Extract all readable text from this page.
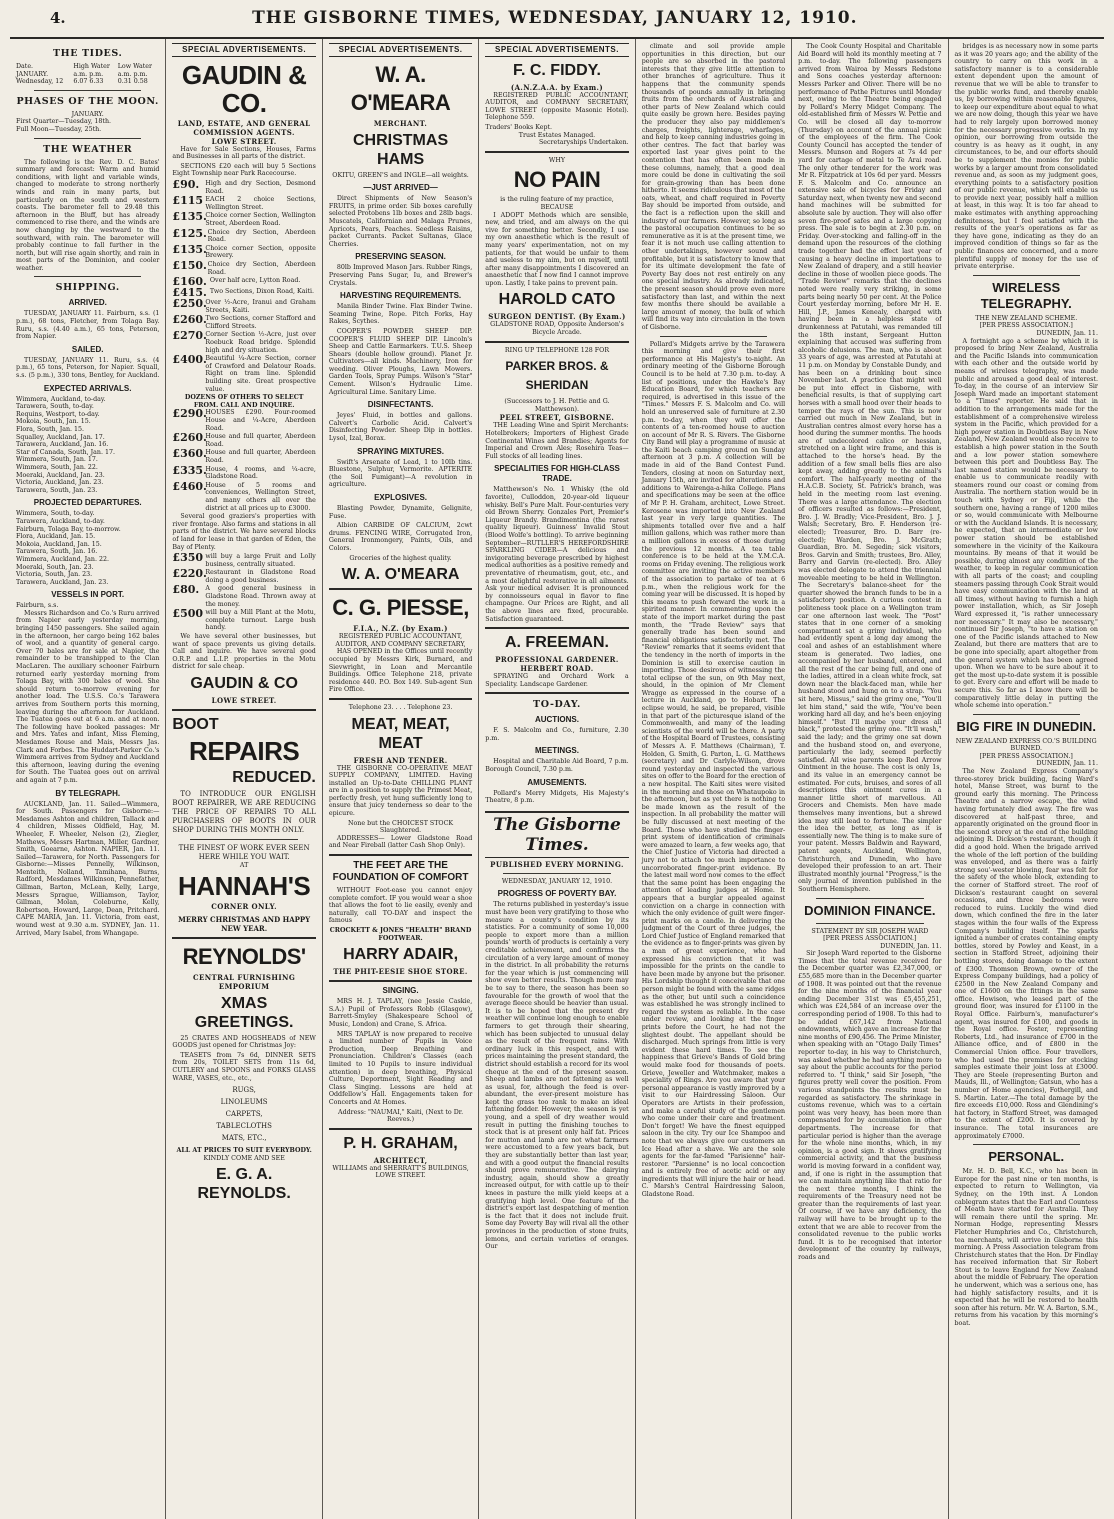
4.	THE GISBORNE TIMES, WEDNESDAY, JANUARY 12, 1910.
THE TIDES.
Date.	High Water	Low Water
JANUARY.	a.m. p.m.	a.m. p.m.
Wednesday, 12	6.07 6.33	0.31 0.58
PHASES OF THE MOON.

JANUARY.

First Quarter—Tuesday, 18th.

Full Moon—Tuesday, 25th.

THE WEATHER

The following is the Rev. D. C. Bates' summary and forecast: Warm and humid conditions, with light and variable winds, changed to moderate to strong northerly winds and rain in many parts, but particularly on the south and western coasts. The barometer fell to 29.48 this afternoon in the Bluff, but has already commenced to rise there, and the winds are now changing by the westward to the southward, with rain. The barometer will probably continue to fall further in the north, but will rise again shortly, and rain in most parts of the Dominion, and cooler weather.

SHIPPING.
ARRIVED.

TUESDAY, JANUARY 11. Fairburn, s.s. (1 p.m.), 68 tons, Fletcher, from Tolaga Bay. Ruru, s.s. (4.40 a.m.), 65 tons, Peterson, from Napier.

SAILED.

TUESDAY, JANUARY 11. Ruru, s.s. (4 p.m.), 65 tons, Peterson, for Napier. Squall, s.s. (5 p.m.), 330 tons, Bentley, for Auckland.

EXPECTED ARRIVALS.

Wimmera, Auckland, to-day.

Tarawera, South, to-day.

Requins, Westport, to-day.

Mokoia, South, Jan. 15.

Flora, South, Jan. 15.

Squalley, Auckland, Jan. 17.

Tarawera, Auckland, Jan. 16.

Star of Canada, South, Jan. 17.

Wimmera, South, Jan. 17.

Wimmera, South, Jan. 22.

Moeraki, Auckland, Jan. 23.

Victoria, Auckland, Jan. 23.

Tarawera, South, Jan. 23.

PROJECTED DEPARTURES.

Wimmera, South, to-day.

Tarawera, Auckland, to-day.

Fairburn, Tolaga Bay, to-morrow.

Flora, Auckland, Jan. 15.

Mokoia, Auckland, Jan. 15.

Tarawera, South, Jan. 16.

Wimmera, Auckland, Jan. 22.

Moeraki, South, Jan. 23.

Victoria, South, Jan. 23.

Tarawera, Auckland, Jan. 23.

VESSELS IN PORT.

Fairburn, s.s.

Messrs Richardson and Co.'s Ruru arrived from Napier early yesterday morning, bringing 1450 passengers. She sailed again in the afternoon, her cargo being 162 bales of wool, and a quantity of general cargo. Over 70 bales are for sale at Napier, the remainder to be transhipped to the Clan MacLaren. The auxiliary schooner Fairburn returned early yesterday morning from Tolaga Bay, with 300 bales of wool. She should return to-morrow evening for another load. The U.S.S. Co.'s Tarawera arrives from Southern ports this morning, leaving during the afternoon for Auckland. The Tuatea goes out at 6 a.m. and at noon. The following have booked passages: Mr and Mrs. Yates and infant, Miss Fleming, Mesdames Rouse and Mais, Messrs Jas. Clark and Forbes. The Huddart-Parker Co.'s Wimmera arrives from Sydney and Auckland this afternoon, leaving during the evening for South. The Tuatea goes out on arrival and again at 7 p.m.

BY TELEGRAPH.

AUCKLAND, Jan. 11. Sailed—Wimmera, for South. Passengers for Gisborne:—Mesdames Ashton and children, Tallack and 4 children, Misses Oldfield, Hay, M. Wheeler, F. Wheeler, Nelson (2), Ziegler, Mathews, Messrs Hartman, Miller, Gardner, Smith, Goearne, Ashton. NAPIER, Jan. 11. Sailed—Tarawera, for North. Passengers for Gisborne:—Misses Pennelly, Wilkinson, Menteith, Nolland, Tamihana, Burns, Radford, Mesdames Wilkinson, Pennefather, Gillman, Barton, McLean, Kelly, Large, Messrs Sprague, Williamson, Taylor, Gillman, Molan, Coleburne, Kelly, Robertson, Howard, Large, Dean, Pritchard. CAPE MARIA, Jan. 11. Victoria, from east, wound west at 9.30 a.m. SYDNEY, Jan. 11. Arrived, Mary Isabel, from Whangape.

SPECIAL ADVERTISEMENTS.
GAUDIN & CO.
LAND, ESTATE, AND GENERAL COMMISSION AGENTS.
LOWE STREET.

Have for Sale Sections, Houses, Farms and Businesses in all parts of the district.

SECTIONS £20 each will buy 5 Sections Eight Township near Park Racecourse.

£90. High and dry Section, Desmond Road.
£115 EACH 2 choice Sections, Wellington Street.
£135.
Choice corner Section, Wellington Street, Aberdeen Road.
£125. Choice dry Section, Aberdeen Road.
£135.
Choice corner Section, opposite Brewery.
£150. Choice dry Section, Aberdeen Road.
£160. Over half acre, Lytton Road.
£415. Two Sections, Dixon Road, Kaiti.
£250.
Over ½-Acre, Iranui and Graham Streets, Kaiti.
£260.
Two Sections, corner Stafford and Clifford Streets.
£270.
Corner Section ½-Acre, just over Roebuck Road bridge. Splendid high and dry situation.
£400.
Beautiful ¼-Acre Section, corner of Crawford and Delatour Roads. Right on tram line. Splendid building site. Great prospective value.

DOZENS OF OTHERS TO SELECT FROM. CALL AND INQUIRE.

£290.
HOUSES £290. Four-roomed House and ¼-Acre, Aberdeen Road.
£260.
House and full quarter, Aberdeen Road.
£360.
House and full quarter, Aberdeen Road.
£335.
House, 4 rooms, and ¼-acre, Gladstone Road.
£460.
House of 5 rooms and conveniences, Wellington Street, and many others all over the district at all prices up to £3000.

Several good graziers's properties with river frontage. Also farms and stations in all parts of the district. We have several blocks of land for lease in that garden of Eden, the Bay of Plenty.

£350 will buy a large Fruit and Lolly business, centrally situated.
£220.
Restaurant in Gladstone Road doing a good business.
£80. A good general business in Gladstone Road. Thrown away at the money.
£500 will buy a Mill Plant at the Motu, complete turnout. Large bush handy.

We have several other businesses, but want of space prevents us giving details. Call and inquire. We have several good O.R.P. and L.I.P. properties in the Motu district for sale cheap.

GAUDIN & CO
LOWE STREET.
BOOT
REPAIRS
REDUCED.

TO INTRODUCE OUR ENGLISH BOOT REPAIRER, WE ARE REDUCING THE PRICE OF REPAIRS TO ALL PURCHASERS OF BOOTS IN OUR SHOP DURING THIS MONTH ONLY.

THE FINEST OF WORK EVER SEEN HERE WHILE YOU WAIT.

AT

HANNAH'S
CORNER ONLY.

MERRY CHRISTMAS AND HAPPY NEW YEAR.

REYNOLDS'
CENTRAL FURNISHING EMPORIUM
XMAS GREETINGS.

25 CRATES AND HOGSHEADS of NEW GOODS just opened for Christmas Joy:

TEASETS from 7s 6d, DINNER SETS from 20s, TOILET SETS from 11s 6d, CUTLERY and SPOONS and FORKS GLASS WARE, VASES, etc., etc.,

RUGS,

LINOLEUMS

CARPETS,

TABLECLOTHS

MATS, ETC.,

ALL AT PRICES TO SUIT EVERYBODY.

KINDLY COME AND SEE

E. G. A. REYNOLDS.
SPECIAL ADVERTISEMENTS.
W. A. O'MEARA
MERCHANT.
CHRISTMAS HAMS

OKITU, GREEN'S and INGLE—all weights.

—JUST ARRIVED—

Direct Shipments of New Season's FRUITS, in prime order. Sib boxes carefully selected Protobens 1lb boxes and 28lb bags. Muscatels, Californian and Malaga Prunes, Apricots, Pears, Peaches. Seedless Raisins, packet Currants. Packet Sultanas, Glace Cherries.

PRESERVING SEASON.

80lb Improved Mason Jars. Rubber Rings, Preserving Pans Sugar, Iu, and Brewer's Crystals.

HARVESTING REQUIREMENTS.

Manila Binder Twine. Flax Binder Twine. Seaming Twine, Rope. Pitch Forks, Hay Rakes, Scythes.

COOPER'S POWDER SHEEP DIP. COOPER'S FLUID SHEEP DIP. Lincoln's Sheep and Cattle Earmarkers. T.U.S. Sheep Shears (double hollow ground). Planet Jr. Cultivators—all kinds. Machinery, Iron for weeding. Oliver Ploughs, Lawn Mowers. Garden Tools, Spray Pumps. Wilson's "Star" Cement. Wilson's Hydraulic Lime. Agricultural Lime. Sanitary Lime.

DISINFECTANTS.

Jeyes' Fluid, in bottles and gallons. Calvert's Carbolic Acid. Calvert's Disinfecting Powder. Sheep Dip in bottles. Lysol, Izal, Borax.

SPRAYING MIXTURES.

Swift's Arsenate of Lead, 1 to 10lb tins. Bluestone, Sulphur, Vermorite. APTERITE (the Soil Fumigant)—A revolution in agriculture.

EXPLOSIVES.

Blasting Powder, Dynamite, Gelignite, Fuse.

Albion CARBIDE OF CALCIUM, 2cwt drums. FENCING WIRE, Corrugated Iron, General Ironmongery, Paints, Oils, and Colors.

Groceries of the highest quality.

W. A. O'MEARA
C. G. PIESSE,
F.I.A., N.Z. (by Exam.)

REGISTERED PUBLIC ACCOUNTANT, AUDITOR, AND COMPANY SECRETARY,

HAS OPENED in the Offices until recently occupied by Messrs Kirk, Burnard, and Sievwright, in Loan and Mercantile Buildings. Office Telephone 218, private residence 440. P.O. Box 149. Sub-agent Sun Fire Office.

Telephone 23. . . . Telephone 23.

MEAT, MEAT, MEAT
FRESH AND TENDER.

THE GISBORNE CO-OPERATIVE MEAT SUPPLY COMPANY, LIMITED. Having installed an Up-to-Date CHILLING PLANT are in a position to supply the Primest Meat, perfectly fresh, yet hung sufficiently long to ensure that juicy tenderness so dear to the epicure.

None but the CHOICEST STOCK Slaughtered.

ADDRESSES— Lower Gladstone Road and Near Fireball (latter Cash Shop Only).

THE FEET ARE THE FOUNDATION OF COMFORT

WITHOUT Foot-ease you cannot enjoy complete comfort. IF you would wear a shoe that allows the foot to lie easily, evenly and naturally, call TO-DAY and inspect the famous

CROCKETT & JONES "HEALTH" BRAND FOOTWEAR.

HARRY ADAIR,
THE PHIT-EESIE SHOE STORE.
SINGING.

MRS H. J. TAPLAY, (nee Jessie Caskie, S.A.) Pupil of Professors Robb (Glasgow), Barrett-Smyley (Shakespeare School of Music, London) and Crane, S. Africa.

MRS TAPLAY is now prepared to receive a limited number of Pupils in Voice Production, Deep Breathing and Pronunciation. Children's Classes (each limited to 10 Pupils to insure individual attention) in deep breathing, Physical Culture, Deportment, Sight Reading and Class Singing. Lessons are held at Oddfellow's Hall. Engagements taken for Concerts and At Homes.

Address: "NAUMAI," Kaiti, (Next to Dr. Reeves.)

P. H. GRAHAM,
ARCHITECT,

WILLIAMS and SHERRATT'S BUILDINGS,

LOWE STREET.

SPECIAL ADVERTISEMENTS.
F. C. FIDDY.
(A.N.Z.A.A. by Exam.)

REGISTERED PUBLIC ACCOUNTANT, AUDITOR, and COMPANY SECRETARY, LOWE STREET (opposite Masonic Hotel). Telephone 559.

Traders' Books Kept.

Trust Estates Managed.

Secretaryships Undertaken.

WHY

NO PAIN

is the ruling feature of my practice, BECAUSE

I ADOPT Methods which are sensible, new, and tried, and am always on the qui vive for something better. Secondly, I use my own anaesthetic which is the result of many years' experimentation, not on my patients, for that would be unfair to them and useless to my aim, but on myself, until after many disappointments I discovered an anaesthetic that I now find I cannot improve upon. Lastly, I take pains to prevent pain.

HAROLD CATO
SURGEON DENTIST. (By Exam.)

GLADSTONE ROAD, Opposite Anderson's Bicycle Arcade.

RING UP TELEPHONE 128 FOR

PARKER BROS. & SHERIDAN

(Successors to J. H. Pettie and G. Matthewson).

PEEL STREET, GISBORNE.

THE Leading Wine and Spirit Merchants: Hotelbrokers; Importers of Highest Grade Continental Wines and Brandies; Agents for Imperial and Crown Ales; Rosehira Teas—Full stocks of all leading lines.

SPECIALITIES FOR HIGH-CLASS TRADE.

Matthewson's No. 1 Whisky (the old favorite), Culloddon, 20-year-old liqueur whisky. Bell's Pure Malt. Four-centuries very old Brown Sherry. Gonzales Port, Premier's Liqueur Brandy. Brandimentina (the rarest quality liqueur). Guinness' Invalid Stout (Blood Wolfe's bottling). To arrive beginning September—RUTLLER'S HEREFORDSHIRE SPARKLING CIDER—A delicious and invigorating beverage prescribed by highest medical authorities as a positive remedy and preventative of rheumatism, gout, etc., and a most delightful restorative in all ailments. Ask your medical adviser. It is pronounced by connoisseurs equal in flavor to fine champagne. Our Prices are Right, and all the above lines are fixed, procurable. Satisfaction guaranteed.

A. FREEMAN.
PROFESSIONAL GARDENER. HERBERT ROAD.

SPRAYING and Orchard Work a Speciality. Landscape Gardener.

TO-DAY.
AUCTIONS.

F. S. Malcolm and Co., furniture, 2.30 p.m.

MEETINGS.

Hospital and Charitable Aid Board, 7 p.m. Borough Council, 7.30 p.m.

AMUSEMENTS.

Pollard's Merry Midgets, His Majesty's Theatre, 8 p.m.

The Gisborne Times.
PUBLISHED EVERY MORNING.

WEDNESDAY, JANUARY 12, 1910.

PROGRESS OF POVERTY BAY.

The returns published in yesterday's issue must have been very gratifying to those who measure a country's condition by its statistics. For a community of some 10,000 people to export more than a million pounds' worth of products is certainly a very creditable achievement, and confirms the circulation of a very large amount of money in the district. In all probability the returns for the year which is just commencing will show even better results. Though more may be to say to there, the season has been so favourable for the growth of wool that the average fleece should be heavier than usual. It is to be hoped that the present dry weather will continue long enough to enable farmers to get through their shearing, which has been subjected to unusual delay as the result of the frequent rains. With ordinary luck in this respect, and with prices maintaining the present standard, the district should establish a record for its wool cheque at the end of the present season. Sheep and lambs are not fattening as well as usual, for, although the feed is over-abundant, the ever-present moisture has kept the grass too rank to make an ideal fattening fodder. However, the season is yet young, and a spell of dry weather would result in putting the finishing touches to stock that is at present only half fat. Prices for mutton and lamb are not what farmers were accustomed to a few years back, but they are substantially better than last year, and with a good output the financial results should prove remunerative. The dairying industry, again, should show a greatly increased output, for with cattle up to their knees in pasture the milk yield keeps at a gratifying high level. One feature of the district's export last despatching of mention is the fact that it does not include fruit. Some day Poverty Bay will rival all the other provinces in the production of stone fruits, lemons, and certain varieties of oranges. Our

climate and soil provide ample opportunities in this direction, but our people are so absorbed in the pastoral interests that they give little attention to other branches of agriculture. Thus it happens that the community spends thousands of pounds annually in bringing fruits from the orchards of Australia and other parts of New Zealand which could quite easily be grown here. Besides paying the producer they also pay middlemen's charges, freights, lighterage, wharfages, and help to keep canning industries going in other centres. The fact that barley was exported last year gives point to the contention that has often been made in these columns, namely, that a good deal more could be done in cultivating the soil for grain-growing than has been done hitherto. It seems ridiculous that most of the oats, wheat, and chaff required in Poverty Bay should be imported from outside, and the fact is a reflection upon the skill and industry of our farmers. However, so long as the pastoral occupation continues to be so remunerative as it is at the present time, we fear it is not much use calling attention to other undertakings, however sound and profitable, but it is satisfactory to know that for its ultimate development the fate of Poverty Bay does not rest entirely on any one special industry. As already indicated, the present season should prove even more satisfactory than last, and within the next few months there should be available a large amount of money, the bulk of which will find its way into circulation in the town of Gisborne.

Pollard's Midgets arrive by the Tarawera this morning and give their first performance at His Majesty's to-night. An ordinary meeting of the Gisborne Borough Council is to be held at 7.30 p.m. to-day. A list of positions, under the Hawke's Bay Education Board, for which teachers are required, is advertised in this issue of the "Times." Messrs F. S. Malcolm and Co. will hold an unreserved sale of furniture at 2.30 p.m. to-day, when they will offer the contents of a ten-roomed house to auction on account of Mr R. S. Rivers. The Gisborne City Band will play a programme of music at the Kaiti beach camping ground on Sunday afternoon at 3 p.m. A collection will be made in aid of the Band Contest Fund. Tenders, closing at noon on Saturday next, January 15th, are invited for alterations and additions to Wairenga-a-hika College. Plans and specifications may be seen at the office of Mr P. H. Graham, architect, Lowe Street. Kerosene was imported into New Zealand last year in very large quantities. The shipments totalled over five and a half million gallons, which was rather more than a million gallons in excess of those during the previous 12 months. A tea table conference is to be held at the Y.M.C.A. rooms on Friday evening. The religious work committee are inviting the active members of the association to partake of tea at 6 p.m., when the religious work for the coming year will be discussed. It is hoped by this means to push forward the work in a spirited manner. In commenting upon the state of the import market during the past month, the "Trade Review" says that generally trade has been sound and financial obligations satisfactorily met. The "Review" remarks that it seems evident that the tendency in the north of imports in the Dominion is still to exercise caution in importing. Those desirous of witnessing the total eclipse of the sun, on 9th May next, should, in the opinion of Mr Clement Wragge as expressed in the course of a lecture in Auckland, go to Hobart. The eclipse would, he said, be prepared, visible in that part of the picturesque island of the Commonwealth, and many of the leading scientists of the world will be there. A party of the Hospital Board of Trustees, consisting of Messrs A. F. Matthews (Chairman), T. Holden, G. Smith, G. Parton, L. G. Matthews (secretary) and Dr Carlyle-Wilson, drove round yesterday and inspected the various sites on offer to the Board for the erection of a new hospital. The Kaiti sites were visited in the morning and those on Whataupoko in the afternoon, but as yet there is nothing to be made known as the result of the inspection. In all probability the matter will be fully discussed at next meeting of the Board. Those who have studied the finger-print system of identification of criminals were amazed to learn, a few weeks ago, that the Chief Justice of Victoria had directed a jury not to attach too much importance to uncorroborated finger-print evidence. By the latest mail word now comes to the effect that the same point has been engaging the attention of leading judges at Home. It appears that a burglar appealed against conviction on a charge in connection with which the only evidence of guilt were finger-print marks on a candle. In delivering the judgment of the Court of three judges, the Lord Chief Justice of England remarked that the evidence as to finger-prints was given by a man of great experience, who had expressed his conviction that it was impossible for the prints on the candle to have been made by anyone but the prisoner. His Lordship thought it conceivable that one person might be found with the same ridges as the other, but until such a coincidence was established he was strongly inclined to regard the system as reliable. In the case under review, and looking at the finger prints before the Court, he had not the slightest doubt. The appellant should be discharged. Much springs from little is very evident these hard times. To see the happiness that Grieve's Bands of Gold bring would make food for thousands of poets. Grieve, Jeweller and Watchmaker, makes a speciality of Rings. Are you aware that your personal appearance is vastly improved by a visit to our Hairdressing Saloon. Our Operators are Artists in their profession, and make a careful study of the gentlemen who come under their care and treatment. Don't forget! We have the finest equipped saloon in the city. Try our Ice Shampoo and note that we always give our customers an Ice Head after a shave. We are the sole agents for the far-famed "Parisienne" hair-restorer. "Parsienne" is no local concoction and is entirely free of acetic acid or any ingredients that will injure the hair or head. C. Marsh's Central Hairdressing Saloon, Gladstone Road.

The Cook County Hospital and Charitable Aid Board will hold its monthly meeting at 7 p.m. to-day. The following passengers arrived from Wairoa by Messrs Redstone and Sons coaches yesterday afternoon: Messrs Parker and Oliver. There will be no performance of Pathe Pictures until Monday next, owing to the Theatre being engaged by Pollard's Merry Midget Company. The old-established firm of Messrs W. Pettie and Co. will be closed all day to-morrow (Thursday) on account of the annual picnic of the employees of the firm. The Cook County Council has accepted the tender of Messrs. Munson and Rogers at 7s 4d per yard for cartage of metal to Te Arai road. The only other tenderer for the work was Mr R. Fitzpatrick at 10s 6d per yard. Messrs F. S. Malcolm and Co. announce an extensive sale of bicycles for Friday and Saturday next, when twenty new and second hand machines will be submitted for absolute sale by auction. They will also offer seven fire-proof safes and a large copying press. The sale is to begin at 2.30 p.m. on Friday. Over-stocking and falling-off in the demand upon the resources of the clothing trade together had the effect last year of causing a heavy decline in importations to New Zealand of drapery, and a still heavier decline in those of woollen piece goods. The "Trade Review" remarks that the declines noted were really very striking, in some parts being nearly 50 per cent. At the Police Court yesterday morning, before Mr H. E. Hill, J.P., James Kenealy, charged with having been in a helpless state of drunkenness at Patutahi, was remanded till the 18th instant, Sergeant Hutton explaining that accused was suffering from alcoholic delusions. The man, who is about 33 years of age, was arrested at Patutahi at 11 p.m. on Monday by Constable Dundy, and has been on a drinking bout since November last. A practice that might well be put into effect in Gisborne, with beneficial results, is that of supplying cart horses with a small hood over their heads to temper the rays of the sun. This is now carried out much in New Zealand, but in Australian centres almost every horse has a hood during the summer months. The hoods are of undecolored calico or hessian, stretched on a light wire frame, and this is attached to the horse's head. By the addition of a few small bells flies are also kept away, adding greatly to the animal's comfort. The half-yearly meeting of the H.A.C.B. Society, St. Patrick's branch, was held in the meeting room last evening. There was a large attendance. The election of officers resulted as follows:—President, Bro. J. W. Bradly; Vice-President, Bro. J. J. Walsh; Secretary, Bro. F. Henderson (re-elected); Treasurer, Bro. D. Barr (re-elected); Warden, Bro. J. McGrath; Guardian, Bro. M. Segedin; sick visitors, Bros. Garvin and Smith; trustees, Bro. Alley, Barry and Garvin (re-elected). Bro. Alley was elected delegate to attend the triennial moveable meeting to be held in Wellington. The Secretary's balance-sheet for the quarter showed the branch funds to be in a satisfactory position. A curious contest in politeness took place on a Wellington tram car one afternoon last week. The "Post" states that in one corner of a smoking compartment sat a grimy individual, who had evidently spent a long day among the coal and ashes of an establishment where steam is generated. Two ladies, one accompanied by her husband, entered, and all the rest of the car being full, and one of the ladies, attired in a clean white frock, sat down near the black-faced man, while her husband stood and hung on to a strap. "You sit here, Missus," said the grimy one, "You'll let him stand," said the wife, "You've been working hard all day, and he's been enjoying himself." "But I'll maybe your dress all black," protested the grimy one. "It'll wash," said the lady; and the grimy one sat down and the husband stood on, and everyone, particularly the lady, seemed perfectly satisfied. All wise parents keep Red Arrow Ointment in the house. The cost is only 1s, and its value in an emergency cannot be estimated. For cuts, bruises, and sores of all descriptions this ointment cures in a manner little short of marvellous. All Grocers and Chemists. Men have made themselves many inventions, but a shrewd idea may still lead to fortune. The simpler the idea the better, as long as it is essentially new. The thing is to make sure of your patent. Messrs Baldwin and Rayward, patent agents, Auckland, Wellington, Christchurch, and Dunedin, who have developed their profession to an art. Their illustrated monthly journal "Progress," is the only journal of invention published in the Southern Hemisphere.

DOMINION FINANCE.

STATEMENT BY SIR JOSEPH WARD

[PER PRESS ASSOCIATION.]

DUNEDIN, Jan. 11.

Sir Joseph Ward reported to the Gisborne Times that the total revenue received for the December quarter was £2,347,000, or £55,685 more than in the December quarter of 1908. It was pointed out that the revenue for the nine months of the financial year ending December 31st was £5,455,251, which was £24,584 of an increase over the corresponding period of 1908. To this had to be added £67,142 from National endowments, which gave an increase for the nine months of £90,456. The Prime Minister, when speaking with an "Otago Daily Times" reporter to-day, in his way to Christchurch, was asked whether he had anything more to say about the public accounts for the period referred to. "I think," said Sir Joseph, "the figures pretty well cover the position. From various standpoints the results must be regarded as satisfactory. The shrinkage in customs revenue, which was to a certain point was very heavy, has been more than compensated for by accumulation in other departments. The increase for that particular period is higher than the average for the whole nine months, which, in my opinion, is a good sign. It shows gratifying commercial activity, and that the business world is moving forward in a confident way, and, if one is right in the assumption that we can maintain anything like that ratio for the next three months, I think the requirements of the Treasury need not be greater than the requirements of last year. Of course, if we have any deficiency, the railway will have to be brought up to the extent that we are able to recover from the consolidated revenue to the public works fund. It is to be recognised that interior development of the country by railways, roads and

bridges is as necessary now in some parts as it was 20 years ago; and the ability of the country to carry on this work in a satisfactory manner is to a considerable extent dependent upon the amount of revenue that we will be able to transfer to the public works fund, and thereby enable us, by borrowing within reasonable figures, to keep our expenditure about equal to what we are now doing, though this year we have had to rely largely upon borrowed money for the necessary progressive works. In my opinion, our borrowing from outside the country is as heavy as it ought, in any circumstances, to be, and our efforts should be to supplement the monies for public works by a larger amount from consolidated revenue and, as soon as my judgment goes, everything points to a satisfactory position of our public revenue, which will enable us to provide next year, possibly half a million at least, in this way. It is too far ahead to make estimates with anything approaching definiteness, but I feel satisfied with the results of the year's operations as far as they have gone, indicating as they do an improved condition of things so far as the public finances are concerned, and a more plentiful supply of money for the use of private enterprise.

WIRELESS TELEGRAPHY.

THE NEW ZEALAND SCHEME.

[PER PRESS ASSOCIATION.]

DUNEDIN, Jan. 11.

A fortnight ago a scheme by which it is proposed to bring New Zealand, Australia and the Pacific Islands into communication with each other and the outside world by means of wireless telegraphy, was made public and aroused a good deal of interest. To-day, in the course of an interview Sir Joseph Ward made an important statement to a "Times" reporter. He said that in addition to the arrangements made for the establishment of a comprehensive wireless system in the Pacific, which provided for a high power station in Doubtless Bay in New Zealand, New Zealand would also receive to establish a high power station in the South and a low power station somewhere between this port and Doubtless Bay. The last named station would be necessary to enable us to communicate readily with steamers round our coast or coming from Australia. The northern station would be in touch with Sydney or Fiji, while the southern one, having a range of 1200 miles or so, would communicate with Melbourne or with the Auckland Islands. It is necessary, he expected, that an intermediate or low power station should be established somewhere in the vicinity of the Kaikoura mountains. By means of that it would be possible, during almost any condition of the weather, to keep in regular communication with all parts of the coast; and coupling steamers passing through Cook Strait would have easy communication with the land at all times, without having to furnish a high power installation, which, as Sir Joseph Ward expressed it, "is rather unnecessary nor necessary." It may also be necessary," continued Sir Joseph, "to have a station on one of the Pacific islands attached to New Zealand, but there are matters that are to be gone into specially, apart altogether from the general system which has been agreed upon. When we have to be sure about it to get the most up-to-date system it is possible to get. Every care and effort will be made to secure this. So far as I know there will be comparatively little delay in putting the whole scheme into operation."

BIG FIRE IN DUNEDIN.

NEW ZEALAND EXPRESS CO.'S BUILDING BURNED.

[PER PRESS ASSOCIATION.]

DUNEDIN, Jan. 11.

The New Zealand Express Company's three-storey brick building, facing Ward's hotel, Manse Street, was burnt to the ground early this morning. The Princess Theatre and a narrow escape, the wind having fortunately died away. The fire was discovered at half-past three, and apparently originated on the ground floor in the second storey at the end of the building adjoining R. Dickson's restaurant, though it did a good hold. When the brigade arrived the whole of the left portion of the building was enveloped, and as there was a fairly strong sou'-wester blowing, fear was felt for the safety of the whole block, extending to the corner of Stafford street. The roof of Dickson's restaurant caught on several occasions, and three bedrooms were reduced to ruins. Luckily the wind died down, which confined the fire in the later stages within the four walls of the Express Company's building itself. The sparks ignited a number of crates containing empty bottles, stored by Powley and Keast, in a section in Stafford Street, adjoining their bottling stores, doing damage to the extent of £300. Thomson Brown, owner of the Express Company buildings, had a policy of £2500 in the New Zealand Company and one of £1600 on the fittings in the same office. Howison, who leased part of the ground floor, was insured for £1100 in the Royal Office. Fairburn's, manufacturer's agent, was insured for £100, and goods in the Royal office. Foster, representing Roberts, Ltd., had insurance of £700 in the Alliance office, and of £800 in the Commercial Union office. Four travellers, who had used the premises for stocking samples estimate their joint loss at £3000. They are Steele (representing Burton and Mauds, Ill., of Wellington; Gatsun, who has a number of Home agencies), Fothergill, and S. Martin. Later.—The total damage by the fire exceeds £10,000. Ross and Glendining's hat factory, in Stafford Street, was damaged to the extent of £200. It is covered by insurance. The total insurances are approximately £7000.

PERSONAL.

Mr. H. D. Bell, K.C., who has been in Europe for the past nine or ten months, is expected to return to Wellington, via Sydney, on the 19th inst. A London cablegram states that the Earl and Countess of Meath have started for Australia. They will remain there until the spring. Mr. Norman Hodge, representing Messrs Fletcher Humphries and Co., Christchurch, tea merchants, will arrive in Gisborne this morning. A Press Association telegram from Christchurch states that the Hon. Dr Findlay has received information that Sir Robert Stout is to leave England for New Zealand about the middle of February. The operation he underwent, which was a serious one, has had highly satisfactory results, and it is expected that he will be restored to health soon after his return. Mr. W. A. Barton, S.M., returns from his vacation by this morning's boat.
